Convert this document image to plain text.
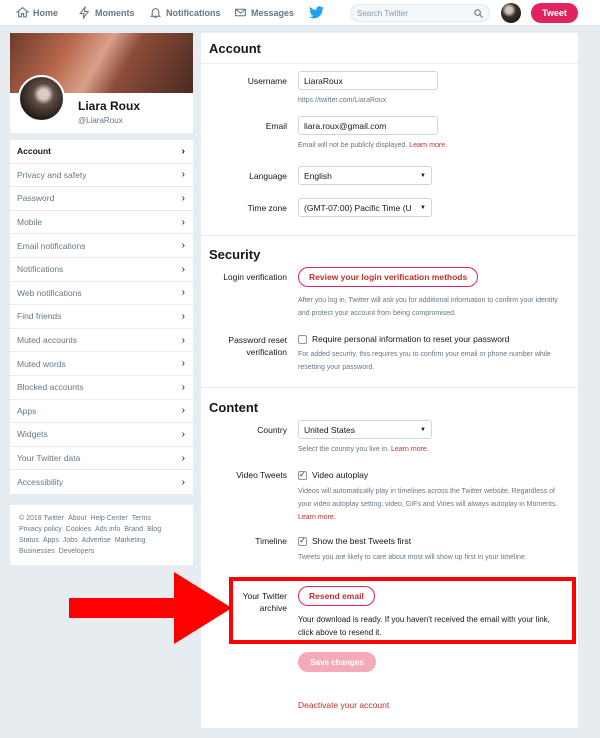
Home	Moments	Notifications	Messages
Search Twitter	Tweet
Liara Roux
@LiaraRoux
Account	›
Privacy and safety	›
Password	›
Mobile	›
Email notifications	›
Notifications	›
Web notifications	›
Find friends	›
Muted accounts	›
Muted words	›
Blocked accounts	›
Apps	›
Widgets	›
Your Twitter data	›
Accessibility	›
© 2018 Twitter About Help Center Terms
Privacy policy Cookies Ads info Brand Blog
Status Apps Jobs Advertise Marketing
Businesses Developers
Account
Username
LiaraRoux
https://twitter.com/LiaraRoux
Email
liara.roux@gmail.com
Email will not be publicly displayed. Learn more.
Language English	▼
Time zone (GMT-07:00) Pacific Time (U ▼
Security
Login verification	Review your login verification methods
After you log in, Twitter will ask you for additional information to confirm your identity and protect your account from being compromised.
Password reset
verification
Require personal information to reset your password
For added security, this requires you to confirm your email or phone number while resetting your password.
Content
Country United States	▼
Select the country you live in. Learn more.
Video Tweets ✓ Video autoplay
Videos will automatically play in timelines across the Twitter website. Regardless of your video autoplay setting, video, GIFs and Vines will always autoplay in Moments. Learn more.
Timeline ✓ Show the best Tweets first
Tweets you are likely to care about most will show up first in your timeline.
Your Twitter
archive
Resend email
Your download is ready. If you haven't received the email with your link, click above to resend it.
Save changes
Deactivate your account
